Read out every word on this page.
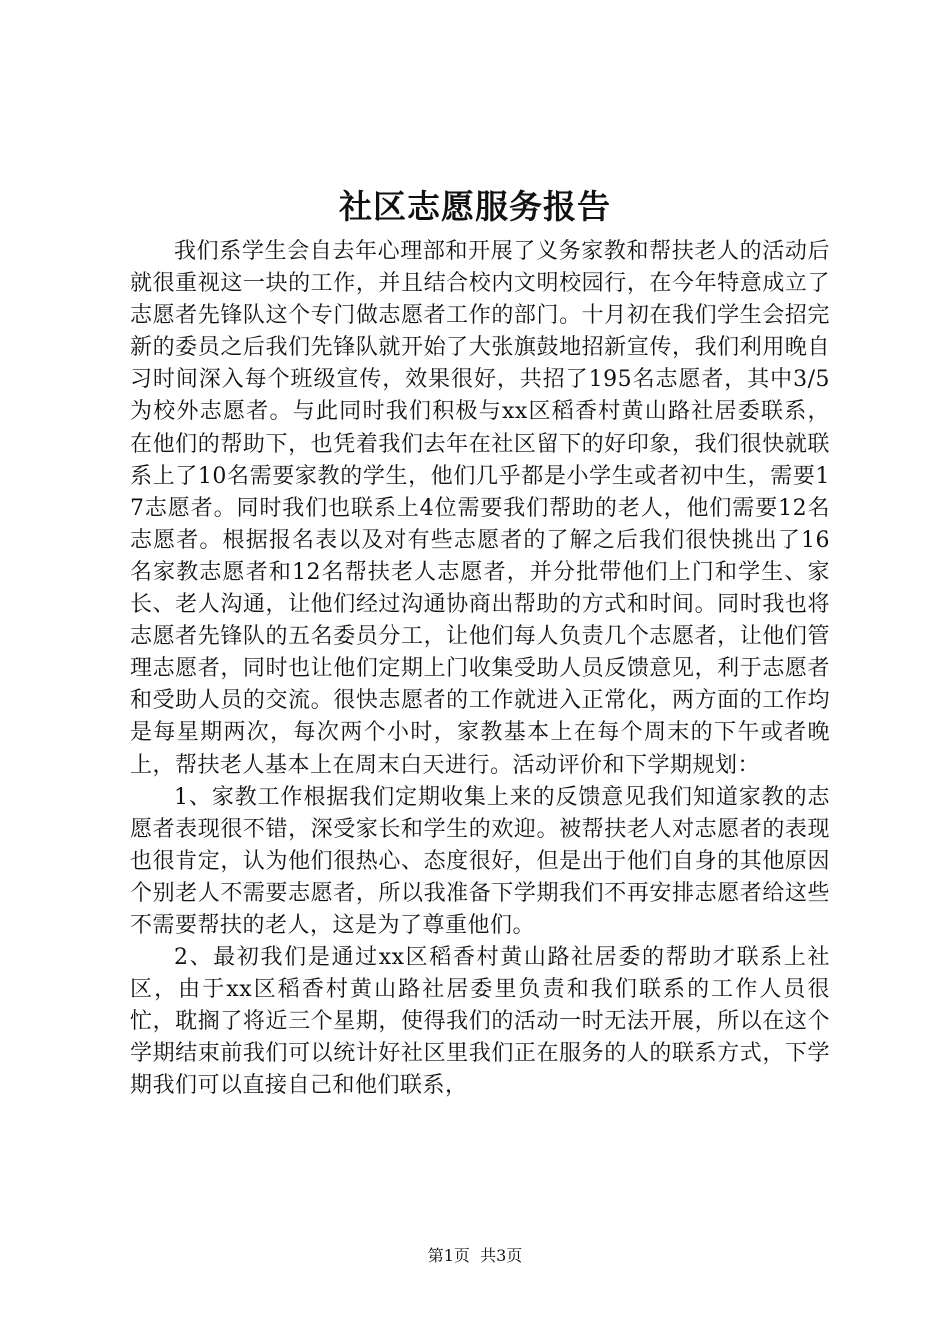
社区志愿服务报告

我们系学生会自去年心理部和开展了义务家教和帮扶老人的活动后就很重视这一块的工作，并且结合校内文明校园行，在今年特意成立了志愿者先锋队这个专门做志愿者工作的部门。十月初在我们学生会招完新的委员之后我们先锋队就开始了大张旗鼓地招新宣传，我们利用晚自习时间深入每个班级宣传，效果很好，共招了195名志愿者，其中3/5为校外志愿者。与此同时我们积极与xx区稻香村黄山路社居委联系，在他们的帮助下，也凭着我们去年在社区留下的好印象，我们很快就联系上了10名需要家教的学生，他们几乎都是小学生或者初中生，需要17志愿者。同时我们也联系上4位需要我们帮助的老人，他们需要12名志愿者。根据报名表以及对有些志愿者的了解之后我们很快挑出了16名家教志愿者和12名帮扶老人志愿者，并分批带他们上门和学生、家长、老人沟通，让他们经过沟通协商出帮助的方式和时间。同时我也将志愿者先锋队的五名委员分工，让他们每人负责几个志愿者，让他们管理志愿者，同时也让他们定期上门收集受助人员反馈意见，利于志愿者和受助人员的交流。很快志愿者的工作就进入正常化，两方面的工作均是每星期两次，每次两个小时，家教基本上在每个周末的下午或者晚上，帮扶老人基本上在周末白天进行。活动评价和下学期规划：

1、家教工作根据我们定期收集上来的反馈意见我们知道家教的志愿者表现很不错，深受家长和学生的欢迎。被帮扶老人对志愿者的表现也很肯定，认为他们很热心、态度很好，但是出于他们自身的其他原因个别老人不需要志愿者，所以我准备下学期我们不再安排志愿者给这些不需要帮扶的老人，这是为了尊重他们。

2、最初我们是通过xx区稻香村黄山路社居委的帮助才联系上社区，由于xx区稻香村黄山路社居委里负责和我们联系的工作人员很忙，耽搁了将近三个星期，使得我们的活动一时无法开展，所以在这个学期结束前我们可以统计好社区里我们正在服务的人的联系方式，下学期我们可以直接自己和他们联系，

第1页 共3页
